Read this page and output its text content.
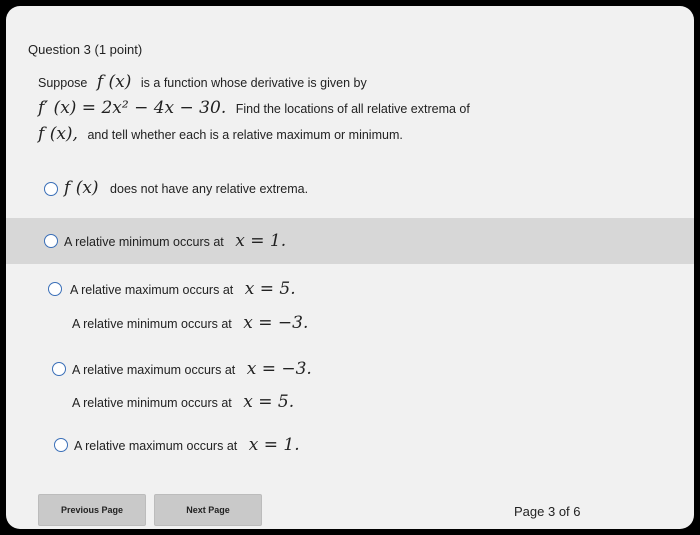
Question 3 (1 point)
Suppose f (x) is a function whose derivative is given by
f′ (x) = 2x² − 4x − 30. Find the locations of all relative extrema of
f (x), and tell whether each is a relative maximum or minimum.
f (x) does not have any relative extrema.
A relative minimum occurs at x = 1.
A relative maximum occurs at x = 5.
A relative minimum occurs at x = −3.
A relative maximum occurs at x = −3.
A relative minimum occurs at x = 5.
A relative maximum occurs at x = 1.
Previous Page	Next Page	Page 3 of 6
